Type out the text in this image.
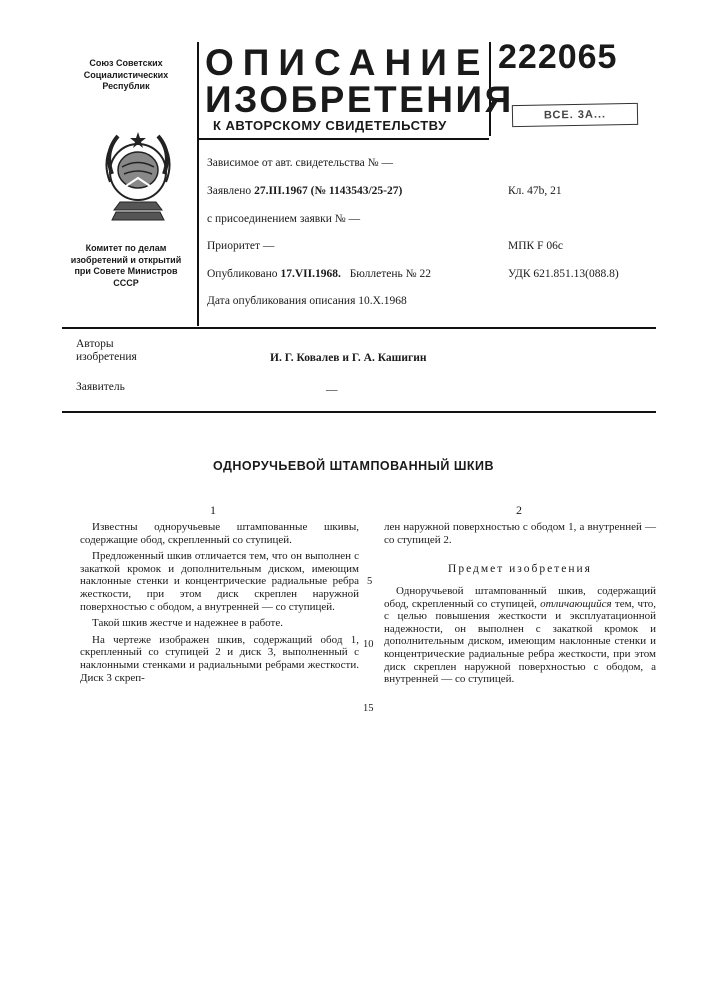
Союз Советских
Социалистических
Республик
Комитет по делам
изобретений и открытий
при Совете Министров
СССР
ОПИСАНИЕ
ИЗОБРЕТЕНИЯ
К АВТОРСКОМУ СВИДЕТЕЛЬСТВУ
222065
ВСЕ. 3А...
Зависимое от авт. свидетельства № —
Заявлено 27.III.1967 (№ 1143543/25-27)
с присоединением заявки № —
Приоритет —
Опубликовано 17.VII.1968. Бюллетень № 22
Дата опубликования описания 10.X.1968
Кл. 47b, 21
МПК F 06c
УДК 621.851.13(088.8)
Авторы
изобретения	И. Г. Ковалев и Г. А. Кашигин
Заявитель	—
ОДНОРУЧЬЕВОЙ ШТАМПОВАННЫЙ ШКИВ
1	2

Известны одноручьевые штампованные шкивы, содержащие обод, скрепленный со ступицей.

Предложенный шкив отличается тем, что он выполнен с закаткой кромок и дополнительным диском, имеющим наклонные стенки и концентрические радиальные ребра жесткости, при этом диск скреплен наружной поверхностью с ободом, а внутренней — со ступицей.

Такой шкив жестче и надежнее в работе.

На чертеже изображен шкив, содержащий обод 1, скрепленный со ступицей 2 и диск 3, выполненный с наклонными стенками и радиальными ребрами жесткости. Диск 3 скреп-

5
10
15

лен наружной поверхностью с ободом 1, а внутренней — со ступицей 2.

Предмет изобретения

Одноручьевой штампованный шкив, содержащий обод, скрепленный со ступицей, отличающийся тем, что, с целью повышения жесткости и эксплуатационной надежности, он выполнен с закаткой кромок и дополнительным диском, имеющим наклонные стенки и концентрические радиальные ребра жесткости, при этом диск скреплен наружной поверхностью с ободом, а внутренней — со ступицей.
